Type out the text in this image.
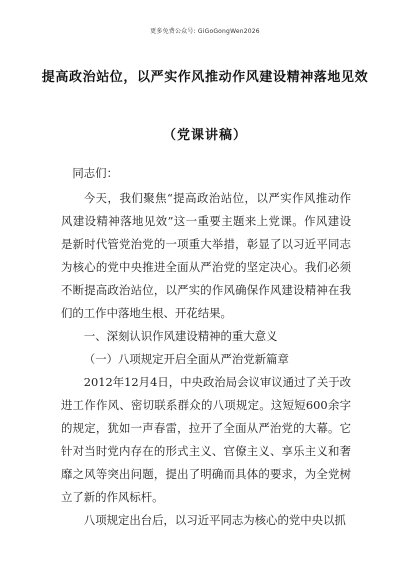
更多免费公众号: GiGoGongWen2026
提高政治站位，以严实作风推动作风建设精神落地见效
（党课讲稿）

同志们：

今天，我们聚焦“提高政治站位，以严实作风推动作风建设精神落地见效”这一重要主题来上党课。作风建设是新时代管党治党的一项重大举措，彰显了以习近平同志为核心的党中央推进全面从严治党的坚定决心。我们必须不断提高政治站位，以严实的作风确保作风建设精神在我们的工作中落地生根、开花结果。

一、深刻认识作风建设精神的重大意义

（一）八项规定开启全面从严治党新篇章

2012年12月4日，中央政治局会议审议通过了关于改进工作作风、密切联系群众的八项规定。这短短600余字的规定，犹如一声春雷，拉开了全面从严治党的大幕。它针对当时党内存在的形式主义、官僚主义、享乐主义和奢靡之风等突出问题，提出了明确而具体的要求，为全党树立了新的作风标杆。

八项规定出台后，以习近平同志为核心的党中央以抓
